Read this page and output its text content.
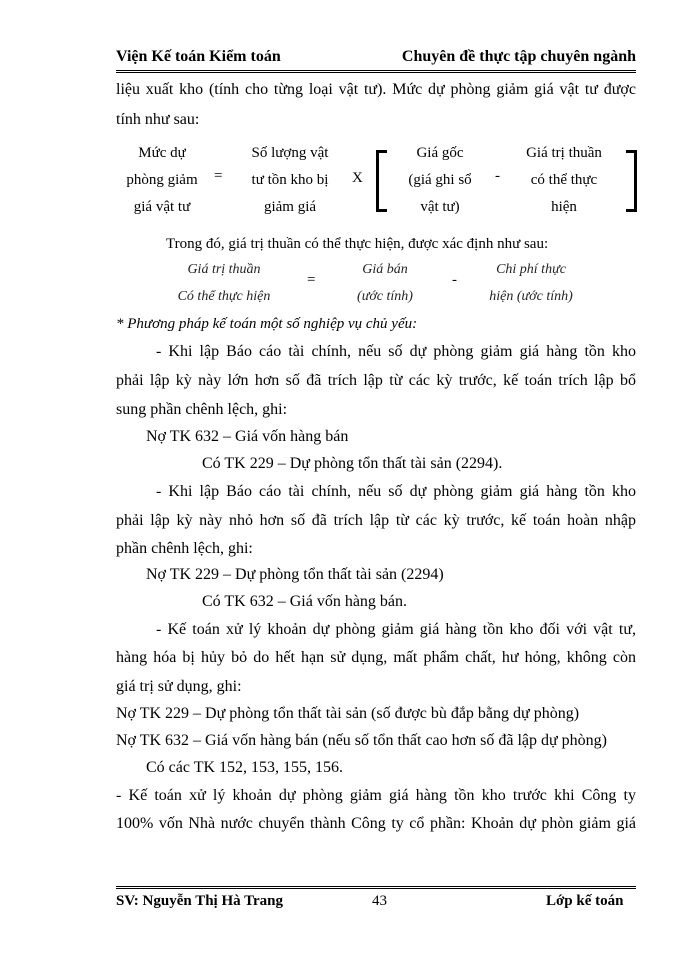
Viện Kế toán Kiểm toán	Chuyên đề thực tập chuyên ngành
liệu xuất kho (tính cho từng loại vật tư). Mức dự phòng giảm giá vật tư được
tính như sau:
Mức dự
phòng giảm
giá vật tư
=
Số lượng vật
tư tồn kho bị
giảm giá
X
Giá gốc
(giá ghi sổ
vật tư)
-
Giá trị thuần
có thể thực
hiện
Trong đó, giá trị thuần có thể thực hiện, được xác định như sau:
Giá trị thuần
Có thể thực hiện
=
Giá bán
(ước tính)
-
Chi phí thực
hiện (ước tính)
* Phương pháp kế toán một số nghiệp vụ chủ yếu:
- Khi lập Báo cáo tài chính, nếu số dự phòng giảm giá hàng tồn kho
phải lập kỳ này lớn hơn số đã trích lập từ các kỳ trước, kế toán trích lập bổ
sung phần chênh lệch, ghi:
Nợ TK 632 – Giá vốn hàng bán
Có TK 229 – Dự phòng tổn thất tài sản (2294).
- Khi lập Báo cáo tài chính, nếu số dự phòng giảm giá hàng tồn kho
phải lập kỳ này nhỏ hơn số đã trích lập từ các kỳ trước, kế toán hoàn nhập
phần chênh lệch, ghi:
Nợ TK 229 – Dự phòng tổn thất tài sản (2294)
Có TK 632 – Giá vốn hàng bán.
- Kế toán xử lý khoản dự phòng giảm giá hàng tồn kho đối với vật tư,
hàng hóa bị hủy bỏ do hết hạn sử dụng, mất phẩm chất, hư hỏng, không còn
giá trị sử dụng, ghi:
Nợ TK 229 – Dự phòng tổn thất tài sản (số được bù đắp bằng dự phòng)
Nợ TK 632 – Giá vốn hàng bán (nếu số tổn thất cao hơn số đã lập dự phòng)
Có các TK 152, 153, 155, 156.
- Kế toán xử lý khoản dự phòng giảm giá hàng tồn kho trước khi Công ty
100% vốn Nhà nước chuyển thành Công ty cổ phần: Khoản dự phòn giảm giá
SV: Nguyễn Thị Hà Trang	43	Lớp kế toán
